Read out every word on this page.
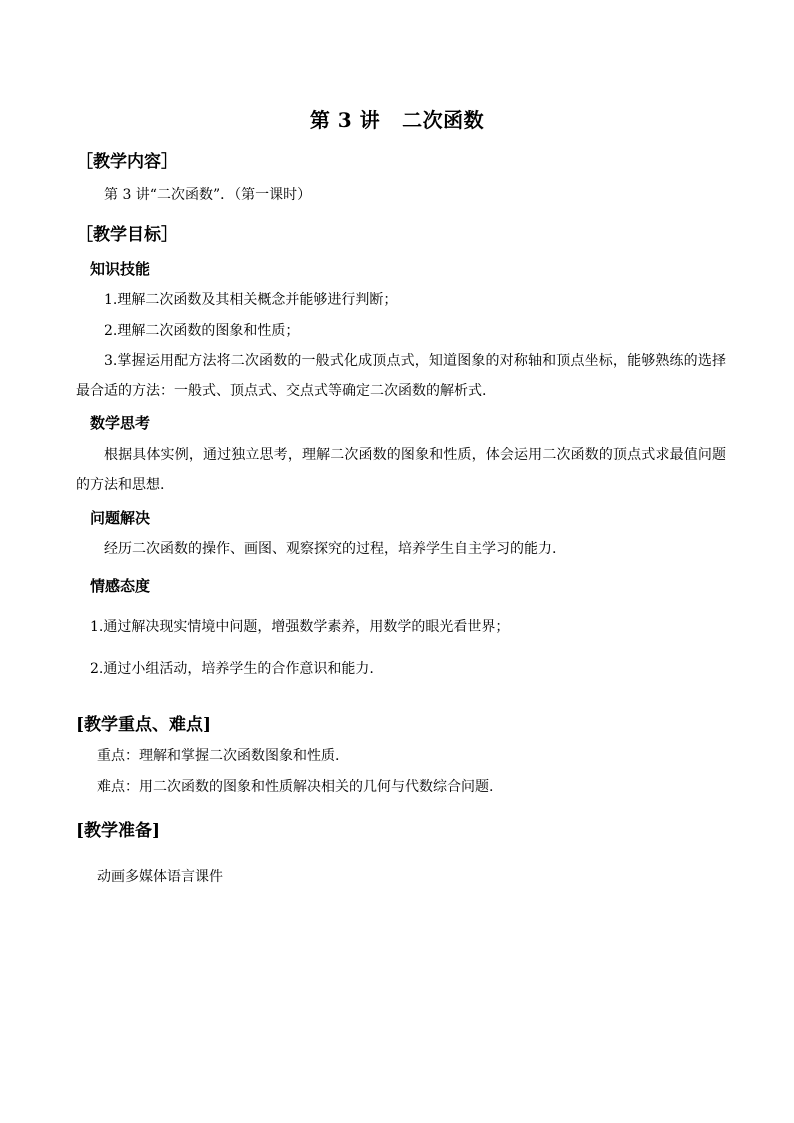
第 3 讲 二次函数
［教学内容］
第 3 讲“二次函数”．（第一课时）
［教学目标］
知识技能
1.理解二次函数及其相关概念并能够进行判断；
2.理解二次函数的图象和性质；
3.掌握运用配方法将二次函数的一般式化成顶点式，知道图象的对称轴和顶点坐标，能够熟练的选择最合适的方法：一般式、顶点式、交点式等确定二次函数的解析式.
数学思考
根据具体实例，通过独立思考，理解二次函数的图象和性质，体会运用二次函数的顶点式求最值问题的方法和思想.
问题解决
经历二次函数的操作、画图、观察探究的过程，培养学生自主学习的能力.
情感态度
1.通过解决现实情境中问题，增强数学素养，用数学的眼光看世界；
2.通过小组活动，培养学生的合作意识和能力.
[教学重点、难点]
重点：理解和掌握二次函数图象和性质.
难点：用二次函数的图象和性质解决相关的几何与代数综合问题.
[教学准备]
动画多媒体语言课件
